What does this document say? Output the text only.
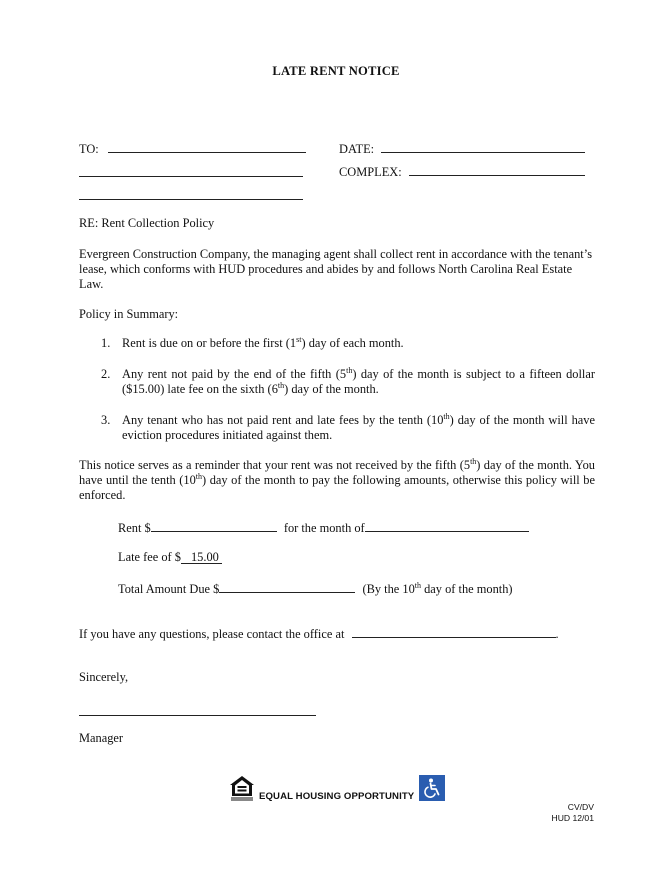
LATE RENT NOTICE
TO:	DATE:
COMPLEX:
RE: Rent Collection Policy
Evergreen Construction Company, the managing agent shall collect rent in accordance with the tenant’s lease, which conforms with HUD procedures and abides by and follows North Carolina Real Estate Law.
Policy in Summary:
1. Rent is due on or before the first (1st) day of each month.
2. Any rent not paid by the end of the fifth (5th) day of the month is subject to a fifteen dollar ($15.00) late fee on the sixth (6th) day of the month.
3. Any tenant who has not paid rent and late fees by the tenth (10th) day of the month will have eviction procedures initiated against them.
This notice serves as a reminder that your rent was not received by the fifth (5th) day of the month. You have until the tenth (10th) day of the month to pay the following amounts, otherwise this policy will be enforced.
Rent $	for the month of
Late fee of $ 15.00
Total Amount Due $	(By the 10th day of the month)
If you have any questions, please contact the office at	.
Sincerely,
Manager
EQUAL HOUSING OPPORTUNITY
CV/DV
HUD 12/01
